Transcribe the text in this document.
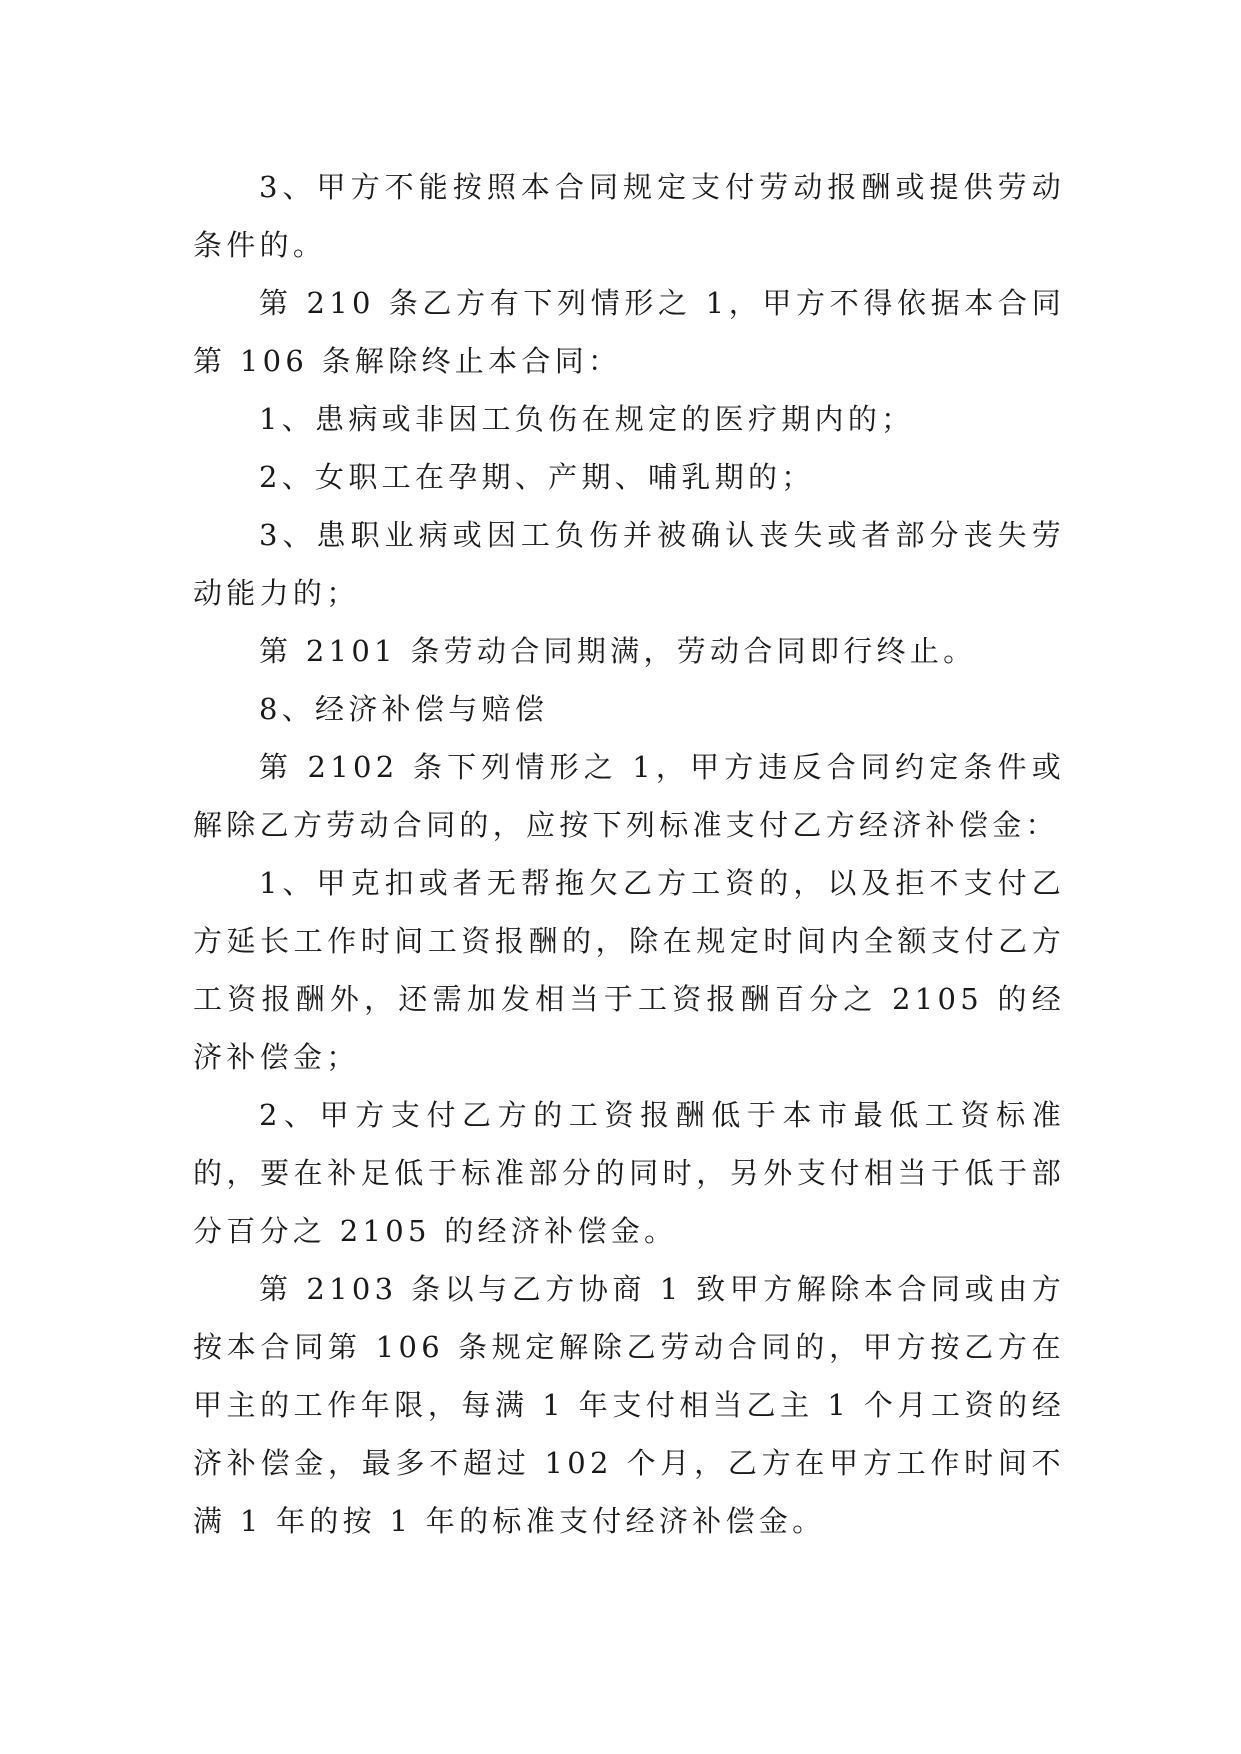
3、甲方不能按照本合同规定支付劳动报酬或提供劳动条件的。

第 210 条乙方有下列情形之 1，甲方不得依据本合同第 106 条解除终止本合同：

1、患病或非因工负伤在规定的医疗期内的；

2、女职工在孕期、产期、哺乳期的；

3、患职业病或因工负伤并被确认丧失或者部分丧失劳动能力的；

第 2101 条劳动合同期满，劳动合同即行终止。

8、经济补偿与赔偿

第 2102 条下列情形之 1，甲方违反合同约定条件或解除乙方劳动合同的，应按下列标准支付乙方经济补偿金：

1、甲克扣或者无帮拖欠乙方工资的，以及拒不支付乙方延长工作时间工资报酬的，除在规定时间内全额支付乙方工资报酬外，还需加发相当于工资报酬百分之 2105 的经济补偿金；

2、甲方支付乙方的工资报酬低于本市最低工资标准的，要在补足低于标准部分的同时，另外支付相当于低于部分百分之 2105 的经济补偿金。

第 2103 条以与乙方协商 1 致甲方解除本合同或由方按本合同第 106 条规定解除乙劳动合同的，甲方按乙方在甲主的工作年限，每满 1 年支付相当乙主 1 个月工资的经济补偿金，最多不超过 102 个月，乙方在甲方工作时间不满 1 年的按 1 年的标准支付经济补偿金。
